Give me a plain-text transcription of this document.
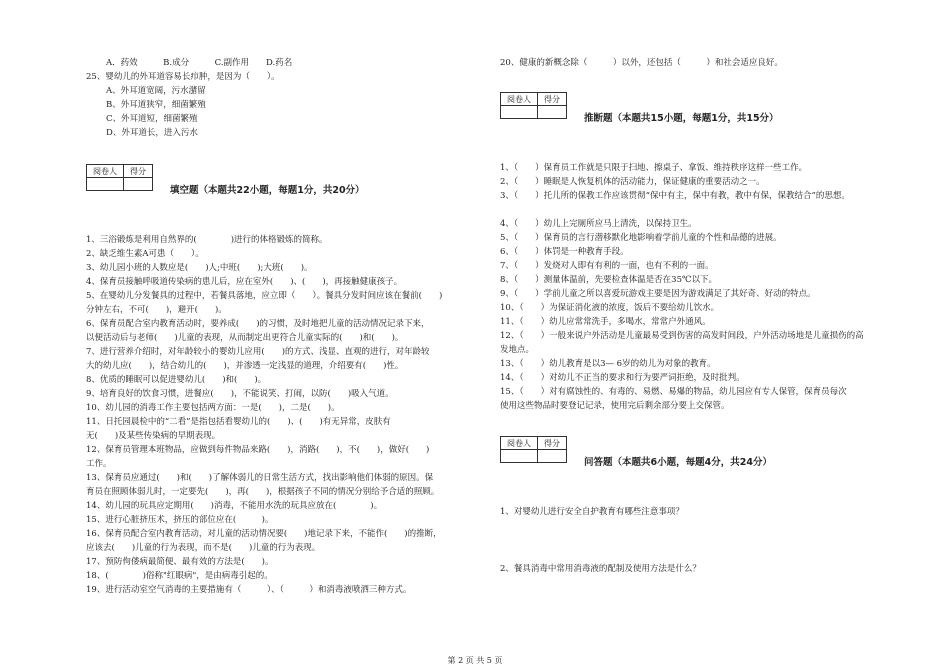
A．药效　　　B.成分　　　C.副作用　　D.药名
25、婴幼儿的外耳道容易长疖肿，是因为（　　）。
A、外耳道宽阔，污水潴留
B、外耳道狭窄，细菌繁殖
C、外耳道短，细菌繁殖
D、外耳道长，进入污水
阅卷人	得分

填空题（本题共22小题，每题1分，共20分）
1、三浴锻炼是利用自然界的(　　　　)进行的体格锻炼的简称。
2、缺乏维生素A可患（　　）。
3、幼儿园小班的人数应是(　　)人;中班(　　);大班(　　)。
4、保育员接触呼吸道传染病的患儿后，应在室外(　　)、(　　)，再接触健康孩子。
5、在婴幼儿分发餐具的过程中，若餐具落地，应立即（　　）。餐具分发时间应该在餐前(　　)
分钟左右，不可(　　)，避开(　　)。
6、保育员配合室内教育活动时，要养成(　　)的习惯，及时地把儿童的活动情况记录下来，
以便活动后与老师(　　)儿童的表现，从而制定出更符合儿童实际的(　　)和(　　)。
7、进行营养介绍时，对年龄较小的婴幼儿应用(　　)的方式、浅显、直观的进行，对年龄较
大的幼儿应(　　)，结合幼儿的(　　)，并渗透一定浅显的道理，介绍要有(　　)性。
8、优质的睡眠可以促进婴幼儿(　　)和(　　)。
9、培育良好的饮食习惯，进餐应(　　)，不能说笑、打闹，以防(　　)吸入气道。
10、幼儿园的消毒工作主要包括两方面：一是(　　)，二是(　　)。
11、日托园晨检中的“二看”是指包括看婴幼儿的(　　)、(　　)有无异常，皮肤有
无(　　)及某些传染病的早期表现。
12、保育员管理本班物品，应做到每件物品来路(　　)，消路(　　)，不(　　)，做好(　　)
工作。
13、保育员应通过(　　)和(　　)了解体弱儿的日常生活方式，找出影响他们体弱的原因。保
育员在照顾体弱儿时，一定要先(　　)，再(　　)，根据孩子不同的情况分别给予合适的照顾。
14、幼儿园的玩具应定期用(　　)消毒，不能用水洗的玩具应放在(　　　　)。
15、进行心脏挤压术，挤压的部位应在(　　　)。
16、保育员配合室内教育活动，对儿童的活动情况要(　　)地记录下来，不能作(　　)的推断，
应该去(　　)儿童的行为表现，而不是(　　)儿童的行为表现。
17、预防佝偻病最简便、最有效的方法是(　　)。
18、(　　　　)俗称"红眼病"，是由病毒引起的。
19、进行活动室空气消毒的主要措施有（　　　）、（　　　）和消毒液喷洒三种方式。
20、健康的新概念除（　　　）以外，还包括（　　　）和社会适应良好。
阅卷人	得分

推断题（本题共15小题，每题1分，共15分）
1、（　　）保育员工作就是只限于扫地、擦桌子、拿饭、维持秩序这样一些工作。
2、（　　）睡眠是人恢复机体的活动能力，保证健康的重要活动之一。
3、（　　）托儿所的保教工作应该贯彻“保中有主，保中有教，教中有保，保教结合”的思想。
4、（　　）幼儿上完厕所应马上清洗，以保持卫生。
5、（　　）保育员的言行潜移默化地影响着学前儿童的个性和品德的进展。
6、（　　）体罚是一种教育手段。
7、（　　）发烧对人即有有利的一面，也有不利的一面。
8、（　　）测量体温前，先要检查体温是否在35℃以下。
9、（　　）学前儿童之所以喜爱玩游戏主要是因为游戏满足了其好奇、好动的特点。
10、（　　）为保证消化液的浓度，饭后不要给幼儿饮水。
11、（　　）幼儿应常常洗手，多喝水，常常户外通风。
12、（　　）一般来说户外活动是儿童最易受到伤害的高发时间段，户外活动场地是儿童损伤的高
发地点。
13、（　　）幼儿教育是以3— 6岁的幼儿为对象的教育。
14、（　　）对幼儿不正当的要求和行为要严词拒绝，及时批判。
15、（　　）对有腐蚀性的、有毒的、易燃、易爆的物品，幼儿园应有专人保管，保育员每次
使用这些物品时要登记记录，使用完后剩余部分要上交保管。
阅卷人	得分

问答题（本题共6小题，每题4分，共24分）
1、对婴幼儿进行安全自护教育有哪些注意事项？
2、餐具消毒中常用消毒液的配制及使用方法是什么？
第 2 页 共 5 页
